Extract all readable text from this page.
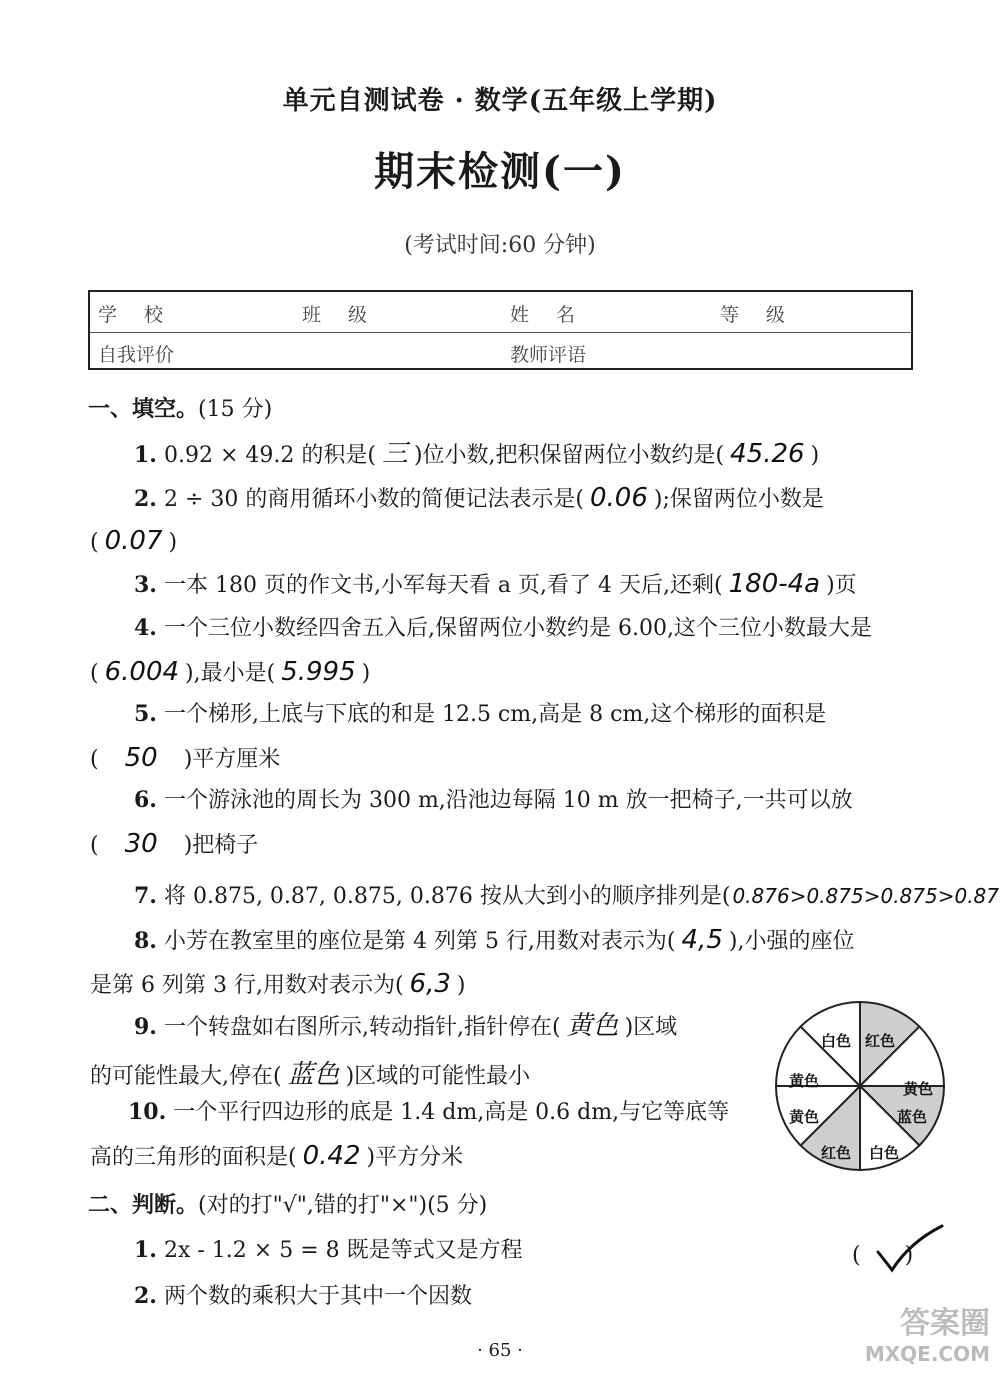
单元自测试卷 · 数学(五年级上学期)
期末检测(一)
(考试时间:60 分钟)
学　校	班　级	姓　名	等　级
自我评价	教师评语
一、填空。(15 分)
1. 0.92 × 49.2 的积是( 三 )位小数,把积保留两位小数约是( 45.26 )
2. 2 ÷ 30 的商用循环小数的简便记法表示是( 0.06 );保留两位小数是
( 0.07 )
3. 一本 180 页的作文书,小军每天看 a 页,看了 4 天后,还剩( 180-4a )页
4. 一个三位小数经四舍五入后,保留两位小数约是 6.00,这个三位小数最大是
( 6.004 ),最小是( 5.995 )
5. 一个梯形,上底与下底的和是 12.5 cm,高是 8 cm,这个梯形的面积是
( 50 )平方厘米
6. 一个游泳池的周长为 300 m,沿池边每隔 10 m 放一把椅子,一共可以放
( 30 )把椅子
7. 将 0.875, 0.87, 0.875, 0.876 按从大到小的顺序排列是( 0.876>0.875>0.875>0.87
8. 小芳在教室里的座位是第 4 列第 5 行,用数对表示为( 4,5 ),小强的座位
是第 6 列第 3 行,用数对表示为( 6,3 )
9. 一个转盘如右图所示,转动指针,指针停在( 黄色 )区域
的可能性最大,停在( 蓝色 )区域的可能性最小
10. 一个平行四边形的底是 1.4 dm,高是 0.6 dm,与它等底等
高的三角形的面积是( 0.42 )平方分米
红色
黄色
蓝色
白色
红色
黄色
黄色
白色
二、判断。(对的打"√",错的打"×")(5 分)
1. 2x - 1.2 × 5 = 8 既是等式又是方程	(　　)
2. 两个数的乘积大于其中一个因数
答案圈
MXQE.COM
· 65 ·
